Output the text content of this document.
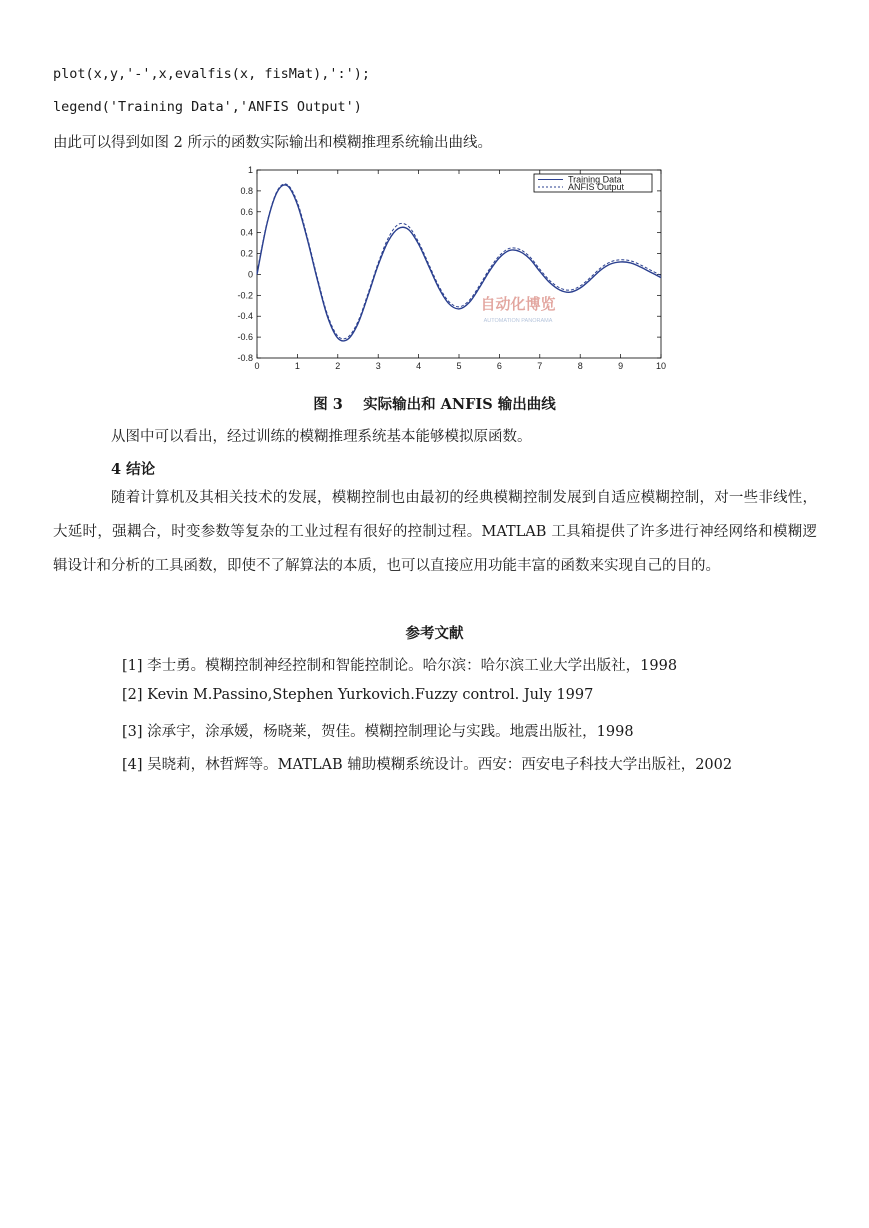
plot(x,y,'-',x,evalfis(x, fisMat),':');
legend('Training Data','ANFIS Output')
由此可以得到如图 2 所示的函数实际输出和模糊推理系统输出曲线。
自动化博览
AUTOMATION PANORAMA
0	1	2	3	4	5	6	7	8	9	10
-0.8
-0.6
-0.4
-0.2
0
0.2
0.4
0.6
0.8
1
Training Data
ANFIS Output
图 3    实际输出和 ANFIS 输出曲线
从图中可以看出，经过训练的模糊推理系统基本能够模拟原函数。
4 结论
随着计算机及其相关技术的发展，模糊控制也由最初的经典模糊控制发展到自适应模糊控制，对一些非线性，大延时，强耦合，时变参数等复杂的工业过程有很好的控制过程。MATLAB 工具箱提供了许多进行神经网络和模糊逻辑设计和分析的工具函数，即使不了解算法的本质，也可以直接应用功能丰富的函数来实现自己的目的。
参考文献
[1] 李士勇。模糊控制神经控制和智能控制论。哈尔滨：哈尔滨工业大学出版社，1998
[2] Kevin M.Passino,Stephen Yurkovich.Fuzzy control. July 1997
[3] 涂承宇，涂承媛，杨晓莱，贺佳。模糊控制理论与实践。地震出版社，1998
[4] 吴晓莉，林哲辉等。MATLAB 辅助模糊系统设计。西安：西安电子科技大学出版社，2002
